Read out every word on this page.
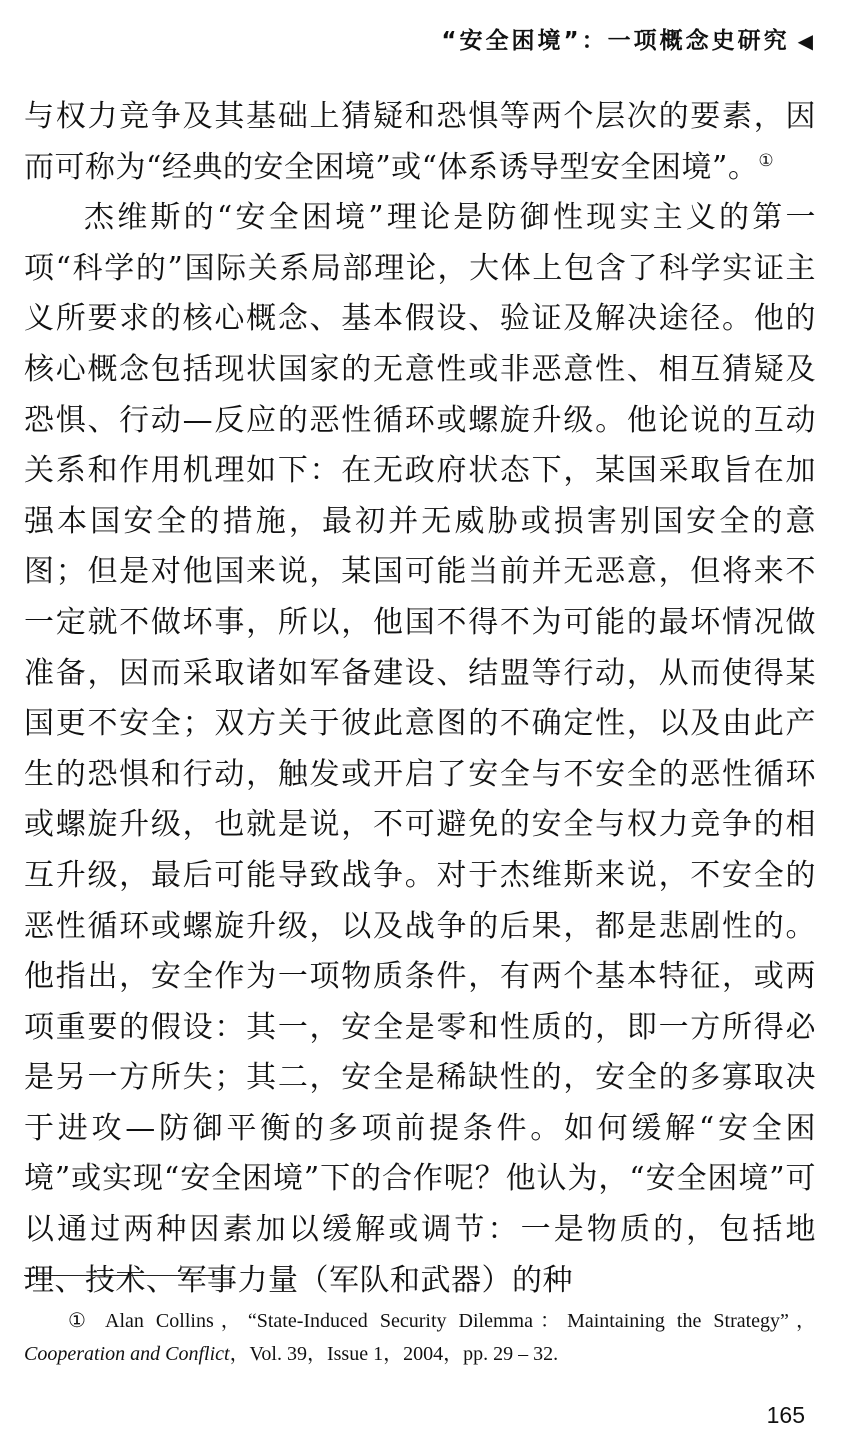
“安全困境”：一项概念史研究 ◀

与权力竞争及其基础上猜疑和恐惧等两个层次的要素，因而可称为“经典的安全困境”或“体系诱导型安全困境”。①

杰维斯的“安全困境”理论是防御性现实主义的第一项“科学的”国际关系局部理论，大体上包含了科学实证主义所要求的核心概念、基本假设、验证及解决途径。他的核心概念包括现状国家的无意性或非恶意性、相互猜疑及恐惧、行动—反应的恶性循环或螺旋升级。他论说的互动关系和作用机理如下：在无政府状态下，某国采取旨在加强本国安全的措施，最初并无威胁或损害别国安全的意图；但是对他国来说，某国可能当前并无恶意，但将来不一定就不做坏事，所以，他国不得不为可能的最坏情况做准备，因而采取诸如军备建设、结盟等行动，从而使得某国更不安全；双方关于彼此意图的不确定性，以及由此产生的恐惧和行动，触发或开启了安全与不安全的恶性循环或螺旋升级，也就是说，不可避免的安全与权力竞争的相互升级，最后可能导致战争。对于杰维斯来说，不安全的恶性循环或螺旋升级，以及战争的后果，都是悲剧性的。他指出，安全作为一项物质条件，有两个基本特征，或两项重要的假设：其一，安全是零和性质的，即一方所得必是另一方所失；其二，安全是稀缺性的，安全的多寡取决于进攻—防御平衡的多项前提条件。如何缓解“安全困境”或实现“安全困境”下的合作呢？他认为，“安全困境”可以通过两种因素加以缓解或调节：一是物质的，包括地理、技术、军事力量（军队和武器）的种

① Alan Collins，“State-Induced Security Dilemma：Maintaining the Strategy”，Cooperation and Conflict，Vol. 39，Issue 1，2004，pp. 29 – 32.
165
